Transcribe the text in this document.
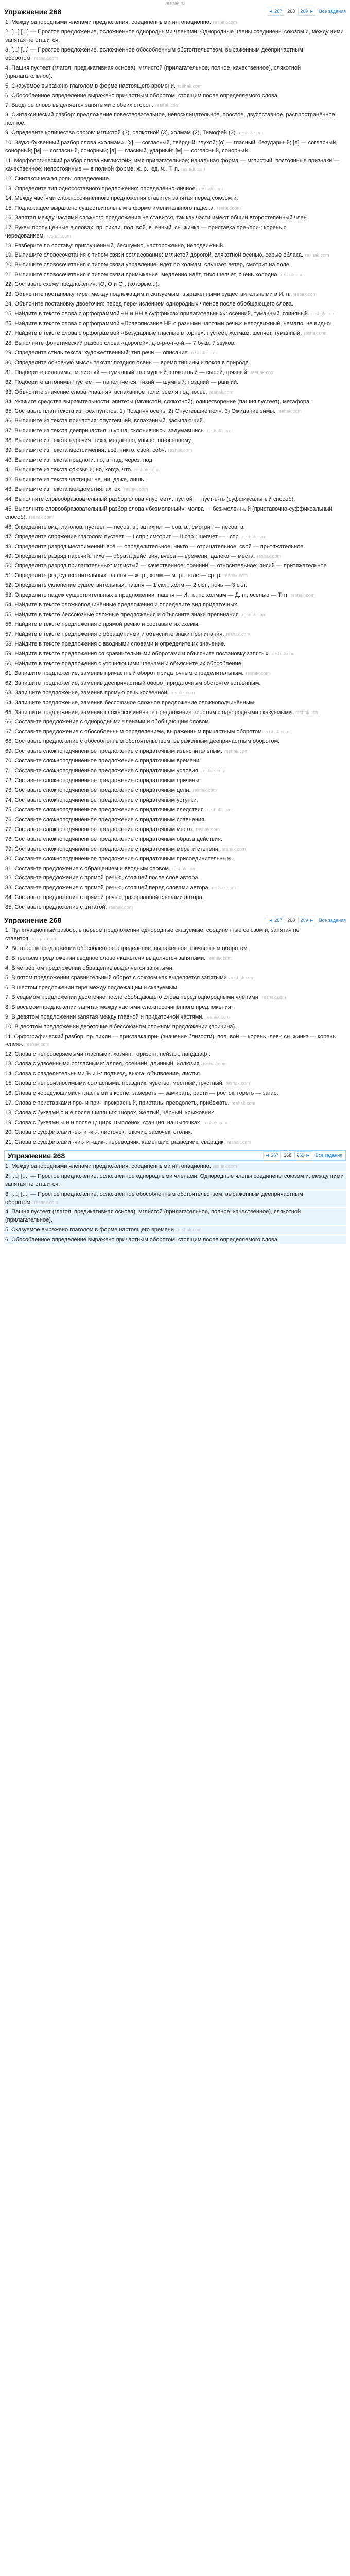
reshak.ru
Упражнение 268	◄ 267	268	269 ►	Все задания

1. Между однородными членами предложения, соединёнными интонационно. reshak.com

2. [...] [...] — Простое предложение, осложнённое однородными членами. Однородные члены соединены союзом и, между ними запятая не ставится.

3. [...] [...] — Простое предложение, осложнённое обособленным обстоятельством, выраженным деепричастным оборотом. reshak.com

4. Пашня пустеет (глагол; предикативная основа), мглистой (прилагательное, полное, качественное), слякотной (прилагательное).

5. Сказуемое выражено глаголом в форме настоящего времени. reshak.com

6. Обособленное определение выражено причастным оборотом, стоящим после определяемого слова.

7. Вводное слово выделяется запятыми с обеих сторон. reshak.com

8. Синтаксический разбор: предложение повествовательное, невосклицательное, простое, двусоставное, распространённое, полное.

9. Определите количество слогов: мглистой (3), слякотной (3), холмам (2), Тимофей (3). reshak.com

10. Звуко-буквенный разбор слова «холмам»: [х] — согласный, твёрдый, глухой; [о] — гласный, безударный; [л] — согласный, сонорный; [м] — согласный, сонорный; [а] — гласный, ударный; [м] — согласный, сонорный.

11. Морфологический разбор слова «мглистой»: имя прилагательное; начальная форма — мглистый; постоянные признаки — качественное; непостоянные — в полной форме, ж. р., ед. ч., Т. п. reshak.com

12. Синтаксическая роль: определение.

13. Определите тип односоставного предложения: определённо-личное. reshak.com

14. Между частями сложносочинённого предложения ставится запятая перед союзом и.

15. Подлежащее выражено существительным в форме именительного падежа. reshak.com

16. Запятая между частями сложного предложения не ставится, так как части имеют общий второстепенный член.

17. Буквы пропущенные в словах: пр..тихли, пол..вой, в..енный, сн..жинка — приставка пре-/при-; корень с чередованием. reshak.com

18. Разберите по составу: приглушённый, бесшумно, настороженно, неподвижный.

19. Выпишите словосочетания с типом связи согласование: мглистой дорогой, слякотной осенью, серые облака. reshak.com

20. Выпишите словосочетания с типом связи управление: идёт по холмам, слушает ветер, смотрит на поле.

21. Выпишите словосочетания с типом связи примыкание: медленно идёт, тихо шепчет, очень холодно. reshak.com

22. Составьте схему предложения: [O, O и O], (которые...).

23. Объясните постановку тире: между подлежащим и сказуемым, выраженными существительными в И. п. reshak.com

24. Объясните постановку двоеточия: перед перечислением однородных членов после обобщающего слова.

25. Найдите в тексте слова с орфограммой «Н и НН в суффиксах прилагательных»: осенний, туманный, глиняный. reshak.com

26. Найдите в тексте слова с орфограммой «Правописание НЕ с разными частями речи»: неподвижный, немало, не видно.

27. Найдите в тексте слова с орфограммой «Безударные гласные в корне»: пустеет, холмам, шепчет, туманный. reshak.com

28. Выполните фонетический разбор слова «дорогой»: д-о-р-о-г-о-й — 7 букв, 7 звуков.

29. Определите стиль текста: художественный; тип речи — описание. reshak.com

30. Определите основную мысль текста: поздняя осень — время тишины и покоя в природе.

31. Подберите синонимы: мглистый — туманный, пасмурный; слякотный — сырой, грязный. reshak.com

32. Подберите антонимы: пустеет — наполняется; тихий — шумный; поздний — ранний.

33. Объясните значение слова «пашня»: вспаханное поле, земля под посев. reshak.com

34. Укажите средства выразительности: эпитеты (мглистой, слякотной), олицетворение (пашня пустеет), метафора.

35. Составьте план текста из трёх пунктов: 1) Поздняя осень. 2) Опустевшие поля. 3) Ожидание зимы. reshak.com

36. Выпишите из текста причастия: опустевший, вспаханный, засыпающий.

37. Выпишите из текста деепричастия: шурша, склонившись, задумавшись. reshak.com

38. Выпишите из текста наречия: тихо, медленно, уныло, по-осеннему.

39. Выпишите из текста местоимения: всё, никто, свой, себя. reshak.com

40. Выпишите из текста предлоги: по, в, над, через, под.

41. Выпишите из текста союзы: и, но, когда, что. reshak.com

42. Выпишите из текста частицы: не, ни, даже, лишь.

43. Выпишите из текста междометия: ах, ох. reshak.com

44. Выполните словообразовательный разбор слова «пустеет»: пустой → пуст-е-ть (суффиксальный способ).

45. Выполните словообразовательный разбор слова «безмолвный»: молва → без-молв-н-ый (приставочно-суффиксальный способ). reshak.com

46. Определите вид глаголов: пустеет — несов. в.; затихнет — сов. в.; смотрит — несов. в.

47. Определите спряжение глаголов: пустеет — I спр.; смотрит — II спр.; шепчет — I спр. reshak.com

48. Определите разряд местоимений: всё — определительное; никто — отрицательное; свой — притяжательное.

49. Определите разряд наречий: тихо — образа действия; вчера — времени; далеко — места. reshak.com

50. Определите разряд прилагательных: мглистый — качественное; осенний — относительное; лисий — притяжательное.

51. Определите род существительных: пашня — ж. р.; холм — м. р.; поле — ср. р. reshak.com

52. Определите склонение существительных: пашня — 1 скл.; холм — 2 скл.; ночь — 3 скл.

53. Определите падеж существительных в предложении: пашня — И. п.; по холмам — Д. п.; осенью — Т. п. reshak.com

54. Найдите в тексте сложноподчинённые предложения и определите вид придаточных.

55. Найдите в тексте бессоюзные сложные предложения и объясните знаки препинания. reshak.com

56. Найдите в тексте предложения с прямой речью и составьте их схемы.

57. Найдите в тексте предложения с обращениями и объясните знаки препинания. reshak.com

58. Найдите в тексте предложения с вводными словами и определите их значение.

59. Найдите в тексте предложения со сравнительными оборотами и объясните постановку запятых. reshak.com

60. Найдите в тексте предложения с уточняющими членами и объясните их обособление.

61. Запишите предложение, заменив причастный оборот придаточным определительным. reshak.com

62. Запишите предложение, заменив деепричастный оборот придаточным обстоятельственным.

63. Запишите предложение, заменив прямую речь косвенной. reshak.com

64. Запишите предложение, заменив бессоюзное сложное предложение сложноподчинённым.

65. Запишите предложение, заменив сложносочинённое предложение простым с однородными сказуемыми. reshak.com

66. Составьте предложение с однородными членами и обобщающим словом.

67. Составьте предложение с обособленным определением, выраженным причастным оборотом. reshak.com

68. Составьте предложение с обособленным обстоятельством, выраженным деепричастным оборотом.

69. Составьте сложноподчинённое предложение с придаточным изъяснительным. reshak.com

70. Составьте сложноподчинённое предложение с придаточным времени.

71. Составьте сложноподчинённое предложение с придаточным условия. reshak.com

72. Составьте сложноподчинённое предложение с придаточным причины.

73. Составьте сложноподчинённое предложение с придаточным цели. reshak.com

74. Составьте сложноподчинённое предложение с придаточным уступки.

75. Составьте сложноподчинённое предложение с придаточным следствия. reshak.com

76. Составьте сложноподчинённое предложение с придаточным сравнения.

77. Составьте сложноподчинённое предложение с придаточным места. reshak.com

78. Составьте сложноподчинённое предложение с придаточным образа действия.

79. Составьте сложноподчинённое предложение с придаточным меры и степени. reshak.com

80. Составьте сложноподчинённое предложение с придаточным присоединительным.

81. Составьте предложение с обращением и вводным словом. reshak.com

82. Составьте предложение с прямой речью, стоящей после слов автора.

83. Составьте предложение с прямой речью, стоящей перед словами автора. reshak.com

84. Составьте предложение с прямой речью, разорванной словами автора.

85. Составьте предложение с цитатой. reshak.com

Упражнение 268	◄ 267	268	269 ►	Все задания

1. Пунктуационный разбор: в первом предложении однородные сказуемые, соединённые союзом и, запятая не ставится. reshak.com

2. Во втором предложении обособленное определение, выраженное причастным оборотом.

3. В третьем предложении вводное слово «кажется» выделяется запятыми. reshak.com

4. В четвёртом предложении обращение выделяется запятыми.

5. В пятом предложении сравнительный оборот с союзом как выделяется запятыми. reshak.com

6. В шестом предложении тире между подлежащим и сказуемым.

7. В седьмом предложении двоеточие после обобщающего слова перед однородными членами. reshak.com

8. В восьмом предложении запятая между частями сложносочинённого предложения.

9. В девятом предложении запятая между главной и придаточной частями. reshak.com

10. В десятом предложении двоеточие в бессоюзном сложном предложении (причина).

11. Орфографический разбор: пр..тихли — приставка при- (значение близости); пол..вой — корень -лев-; сн..жинка — корень -снеж-. reshak.com

12. Слова с непроверяемыми гласными: хозяин, горизонт, пейзаж, ландшафт.

13. Слова с удвоенными согласными: аллея, осенний, длинный, иллюзия. reshak.com

14. Слова с разделительными Ъ и Ь: подъезд, вьюга, объявление, листья.

15. Слова с непроизносимыми согласными: праздник, чувство, местный, грустный. reshak.com

16. Слова с чередующимися гласными в корне: замереть — замирать; расти — росток; гореть — загар.

17. Слова с приставками пре- и при-: прекрасный, пристань, преодолеть, прибежать. reshak.com

18. Слова с буквами о и ё после шипящих: шорох, жёлтый, чёрный, крыжовник.

19. Слова с буквами ы и и после ц: цирк, цыплёнок, станция, на цыпочках. reshak.com

20. Слова с суффиксами -ек- и -ик-: листочек, ключик, замочек, столик.

21. Слова с суффиксами -чик- и -щик-: переводчик, каменщик, разведчик, сварщик. reshak.com

Упражнение 268	◄ 267	268	269 ►	Все задания

1. Между однородными членами предложения, соединёнными интонационно. reshak.com

2. [...] [...] — Простое предложение, осложнённое однородными членами. Однородные члены соединены союзом и, между ними запятая не ставится.

3. [...] [...] — Простое предложение, осложнённое обособленным обстоятельством, выраженным деепричастным оборотом. reshak.com

4. Пашня пустеет (глагол; предикативная основа), мглистой (прилагательное, полное, качественное), слякотной (прилагательное).

5. Сказуемое выражено глаголом в форме настоящего времени. reshak.com

6. Обособленное определение выражено причастным оборотом, стоящим после определяемого слова.
